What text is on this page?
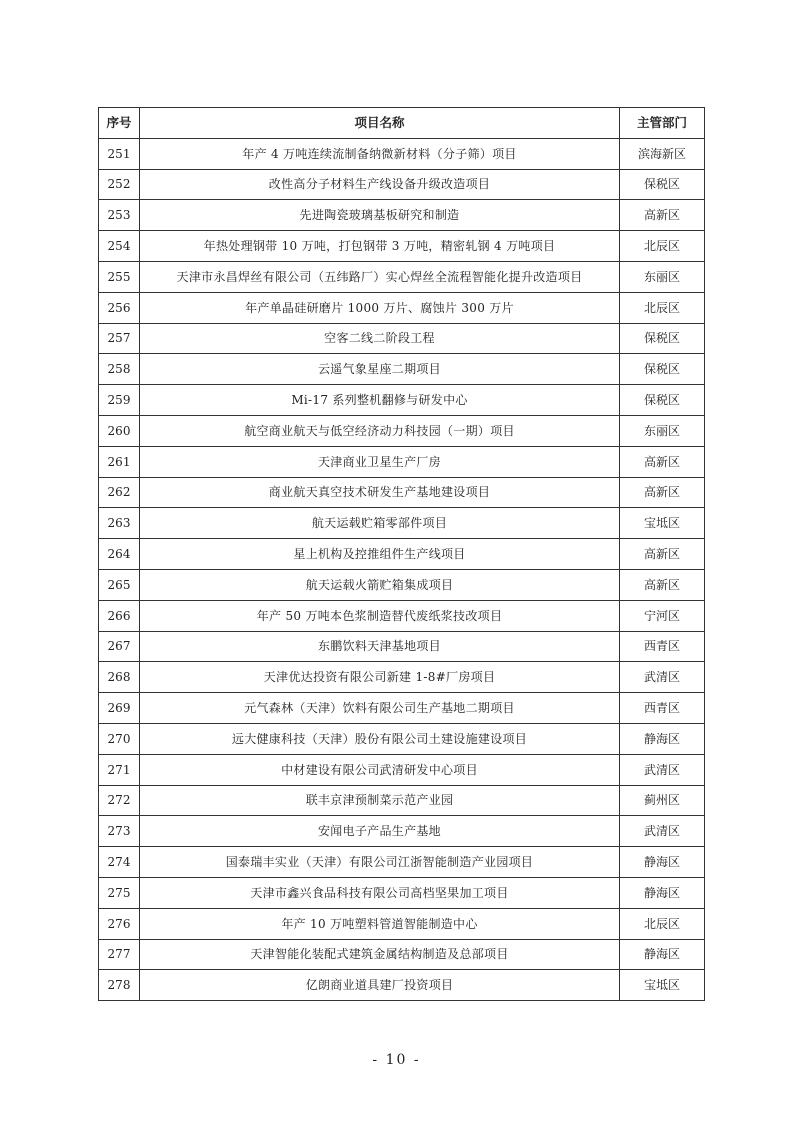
序号	项目名称	主管部门
251	年产 4 万吨连续流制备纳微新材料（分子筛）项目	滨海新区
252	改性高分子材料生产线设备升级改造项目	保税区
253	先进陶瓷玻璃基板研究和制造	高新区
254	年热处理钢带 10 万吨，打包钢带 3 万吨，精密轧钢 4 万吨项目	北辰区
255	天津市永昌焊丝有限公司（五纬路厂）实心焊丝全流程智能化提升改造项目	东丽区
256	年产单晶硅研磨片 1000 万片、腐蚀片 300 万片	北辰区
257	空客二线二阶段工程	保税区
258	云遥气象星座二期项目	保税区
259	Mi-17 系列整机翻修与研发中心	保税区
260	航空商业航天与低空经济动力科技园（一期）项目	东丽区
261	天津商业卫星生产厂房	高新区
262	商业航天真空技术研发生产基地建设项目	高新区
263	航天运载贮箱零部件项目	宝坻区
264	星上机构及控推组件生产线项目	高新区
265	航天运载火箭贮箱集成项目	高新区
266	年产 50 万吨本色浆制造替代废纸浆技改项目	宁河区
267	东鹏饮料天津基地项目	西青区
268	天津优达投资有限公司新建 1-8#厂房项目	武清区
269	元气森林（天津）饮料有限公司生产基地二期项目	西青区
270	远大健康科技（天津）股份有限公司土建设施建设项目	静海区
271	中材建设有限公司武清研发中心项目	武清区
272	联丰京津预制菜示范产业园	蓟州区
273	安闻电子产品生产基地	武清区
274	国泰瑞丰实业（天津）有限公司江浙智能制造产业园项目	静海区
275	天津市鑫兴食品科技有限公司高档坚果加工项目	静海区
276	年产 10 万吨塑料管道智能制造中心	北辰区
277	天津智能化装配式建筑金属结构制造及总部项目	静海区
278	亿朗商业道具建厂投资项目	宝坻区
- 10 -
